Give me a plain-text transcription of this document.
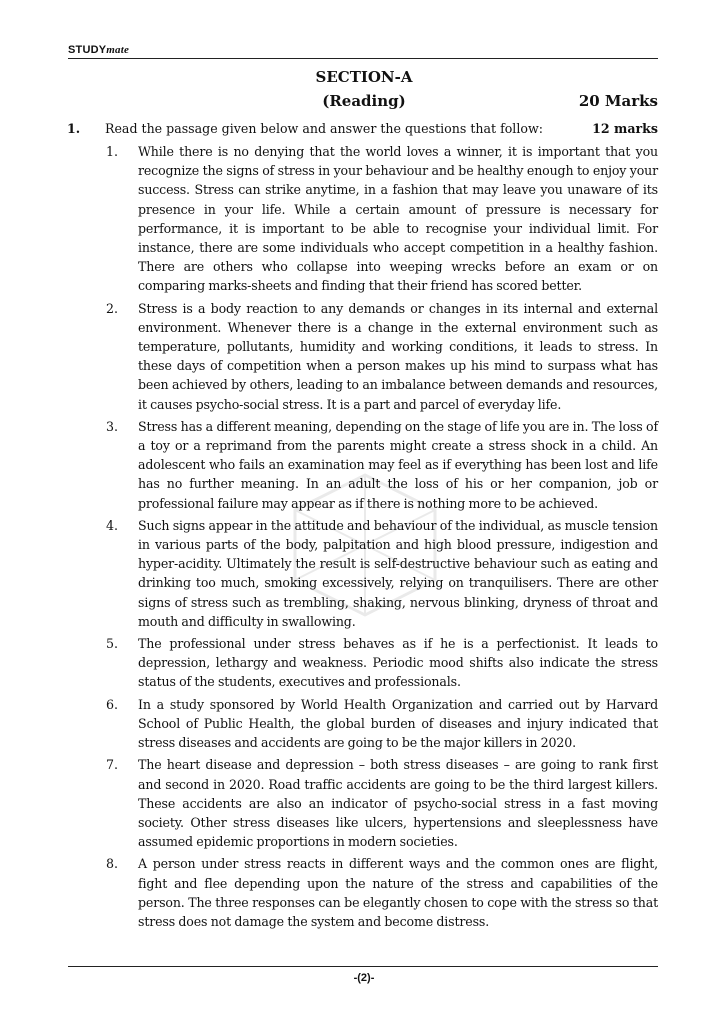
STUDYmate
SECTION-A
(Reading)	20 Marks
1. Read the passage given below and answer the questions that follow:	12 marks
1. While there is no denying that the world loves a winner, it is important that you recognize the signs of stress in your behaviour and be healthy enough to enjoy your success. Stress can strike anytime, in a fashion that may leave you unaware of its presence in your life. While a certain amount of pressure is necessary for performance, it is important to be able to recognise your individual limit. For instance, there are some individuals who accept competition in a healthy fashion. There are others who collapse into weeping wrecks before an exam or on comparing marks-sheets and finding that their friend has scored better.
2. Stress is a body reaction to any demands or changes in its internal and external environment. Whenever there is a change in the external environment such as temperature, pollutants, humidity and working conditions, it leads to stress. In these days of competition when a person makes up his mind to surpass what has been achieved by others, leading to an imbalance between demands and resources, it causes psycho-social stress. It is a part and parcel of everyday life.
3. Stress has a different meaning, depending on the stage of life you are in. The loss of a toy or a reprimand from the parents might create a stress shock in a child. An adolescent who fails an examination may feel as if everything has been lost and life has no further meaning. In an adult the loss of his or her companion, job or professional failure may appear as if there is nothing more to be achieved.
4. Such signs appear in the attitude and behaviour of the individual, as muscle tension in various parts of the body, palpitation and high blood pressure, indigestion and hyper-acidity. Ultimately the result is self-destructive behaviour such as eating and drinking too much, smoking excessively, relying on tranquilisers. There are other signs of stress such as trembling, shaking, nervous blinking, dryness of throat and mouth and difficulty in swallowing.
5. The professional under stress behaves as if he is a perfectionist. It leads to depression, lethargy and weakness. Periodic mood shifts also indicate the stress status of the students, executives and professionals.
6. In a study sponsored by World Health Organization and carried out by Harvard School of Public Health, the global burden of diseases and injury indicated that stress diseases and accidents are going to be the major killers in 2020.
7. The heart disease and depression – both stress diseases – are going to rank first and second in 2020. Road traffic accidents are going to be the third largest killers. These accidents are also an indicator of psycho-social stress in a fast moving society. Other stress diseases like ulcers, hypertensions and sleeplessness have assumed epidemic proportions in modern societies.
8. A person under stress reacts in different ways and the common ones are flight, fight and flee depending upon the nature of the stress and capabilities of the person. The three responses can be elegantly chosen to cope with the stress so that stress does not damage the system and become distress.
-(2)-
